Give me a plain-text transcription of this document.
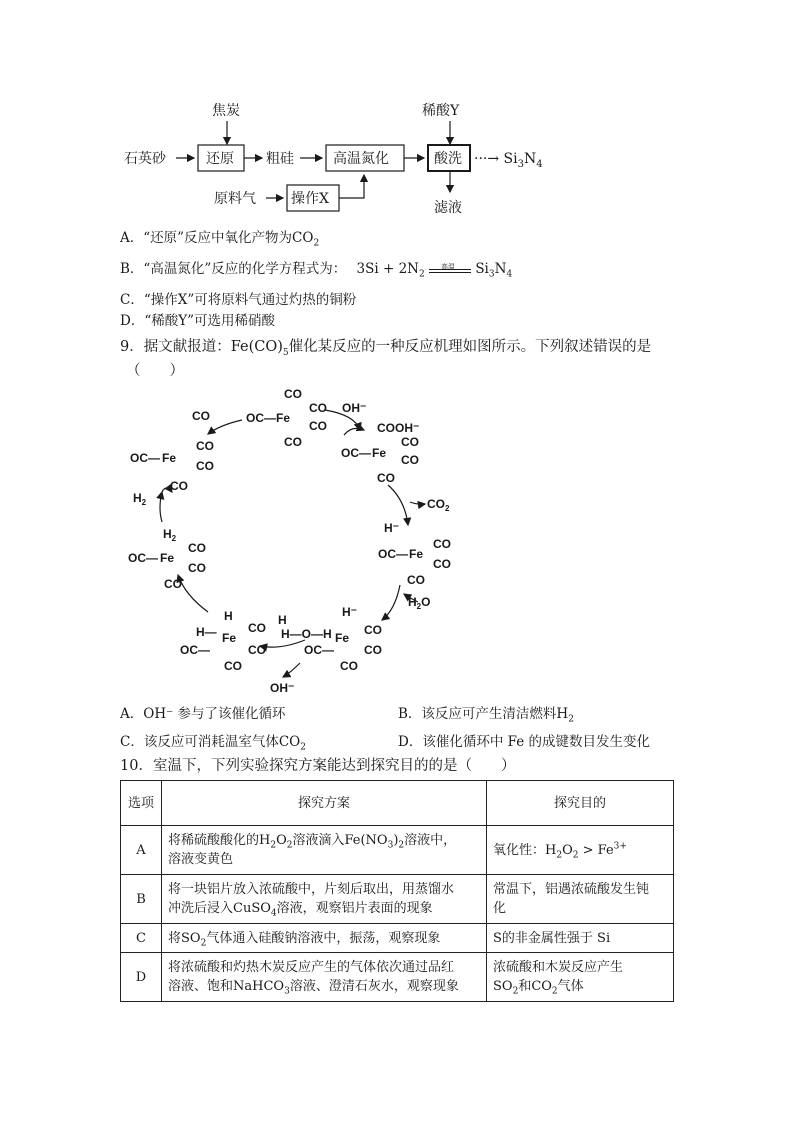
焦炭
石英砂	还原 粗硅	高温氮化	酸洗
稀酸Y
···→ $Si_3N_4$
滤液
原料气	操作X
A．“还原”反应中氧化产物为$CO_2$
B．“高温氮化”反应的化学方程式为： $3Si + 2N_2$
高温 $Si_3N_4$
C．“操作X”可将原料气通过灼热的铜粉
D．“稀酸Y”可选用稀硝酸
9．据文献报道：$Fe(CO)_5$催化某反应的一种反应机理如图所示。下列叙述错误的是
（　　）
CO	OC— Fe
CO
CO
CO
CO
OH⁻
COOH⁻
OC— Fe
CO
CO
CO
$CO_2$
H⁻
OC— Fe
CO
CO
CO
$H_2O$
H
H—O—H
H⁻
OC—
Fe
CO
CO
CO
OH⁻
H
H— Fe
OC—
CO
CO
CO
$H_2$
OC— Fe
CO
CO
CO
$H_2$
OC— Fe
CO
CO
CO
A．OH⁻ 参与了该催化循环	B．该反应可产生清洁燃料$H_2$
C．该反应可消耗温室气体$CO_2$	D．该催化循环中 Fe 的成键数目发生变化
10．室温下，下列实验探究方案能达到探究目的的是（　　）
选项	探究方案	探究目的
A	将稀硫酸酸化的$H_2O_2$溶液滴入$Fe(NO_3)_2$溶液中，
溶液变黄色	氧化性：$H_2O_2 > Fe^{3+}$
B	将一块铝片放入浓硫酸中，片刻后取出，用蒸馏水
冲洗后浸入CuSO$_4$溶液，观察铝片表面的现象	常温下，铝遇浓硫酸发生钝
化
C	将$SO_2$气体通入硅酸钠溶液中，振荡，观察现象	S的非金属性强于 Si
D	将浓硫酸和灼热木炭反应产生的气体依次通过品红
溶液、饱和NaHCO$_3$溶液、澄清石灰水，观察现象	浓硫酸和木炭反应产生
$SO_2$和$CO_2$气体
